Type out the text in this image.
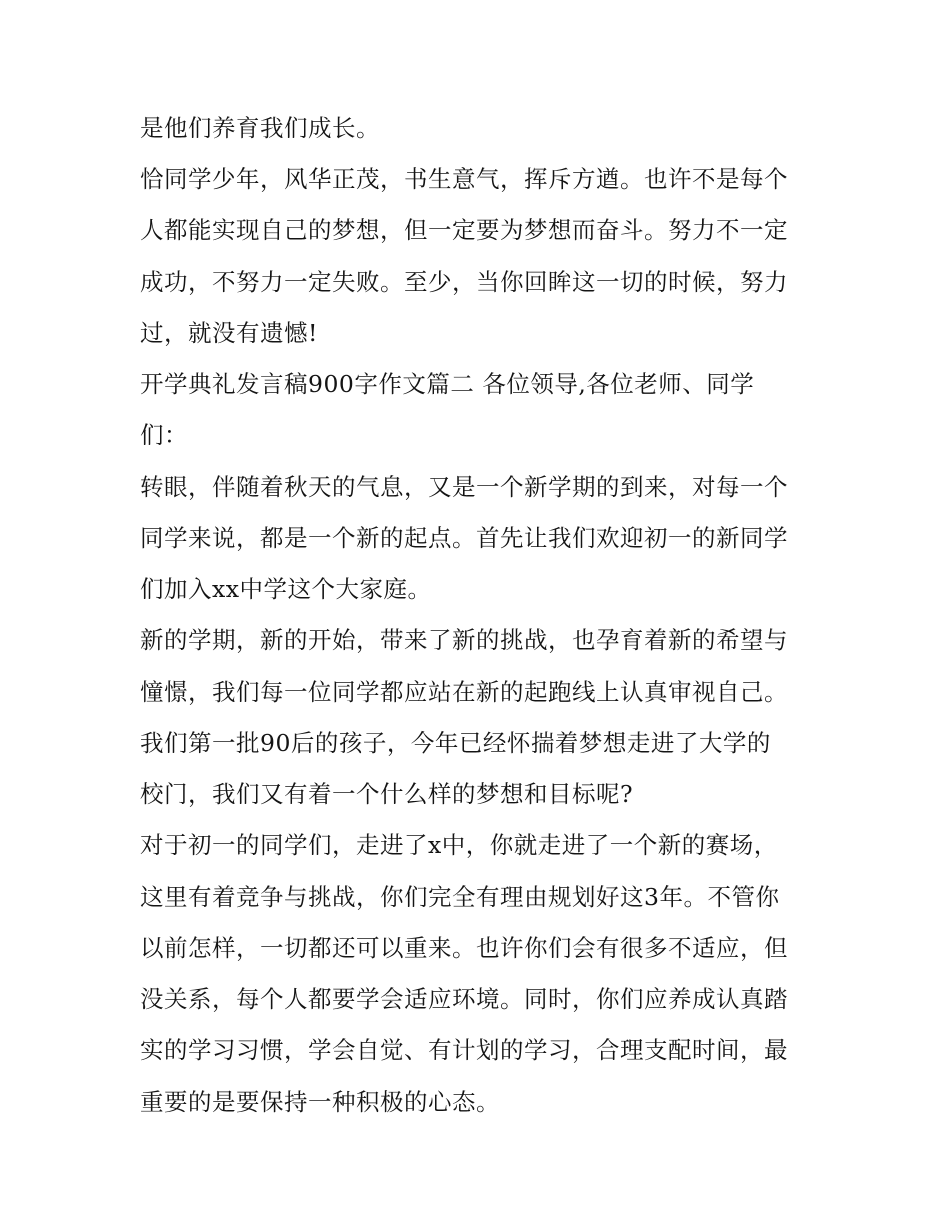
是他们养育我们成长。
恰同学少年，风华正茂，书生意气，挥斥方遒。也许不是每个
人都能实现自己的梦想，但一定要为梦想而奋斗。努力不一定
成功，不努力一定失败。至少，当你回眸这一切的时候，努力
过，就没有遗憾!
开学典礼发言稿900字作文篇二 各位领导,各位老师、同学
们：
转眼，伴随着秋天的气息，又是一个新学期的到来，对每一个
同学来说，都是一个新的起点。首先让我们欢迎初一的新同学
们加入xx中学这个大家庭。
新的学期，新的开始，带来了新的挑战，也孕育着新的希望与
憧憬，我们每一位同学都应站在新的起跑线上认真审视自己。
我们第一批90后的孩子，今年已经怀揣着梦想走进了大学的
校门，我们又有着一个什么样的梦想和目标呢?
对于初一的同学们，走进了x中，你就走进了一个新的赛场，
这里有着竞争与挑战，你们完全有理由规划好这3年。不管你
以前怎样，一切都还可以重来。也许你们会有很多不适应，但
没关系，每个人都要学会适应环境。同时，你们应养成认真踏
实的学习习惯，学会自觉、有计划的学习，合理支配时间，最
重要的是要保持一种积极的心态。
